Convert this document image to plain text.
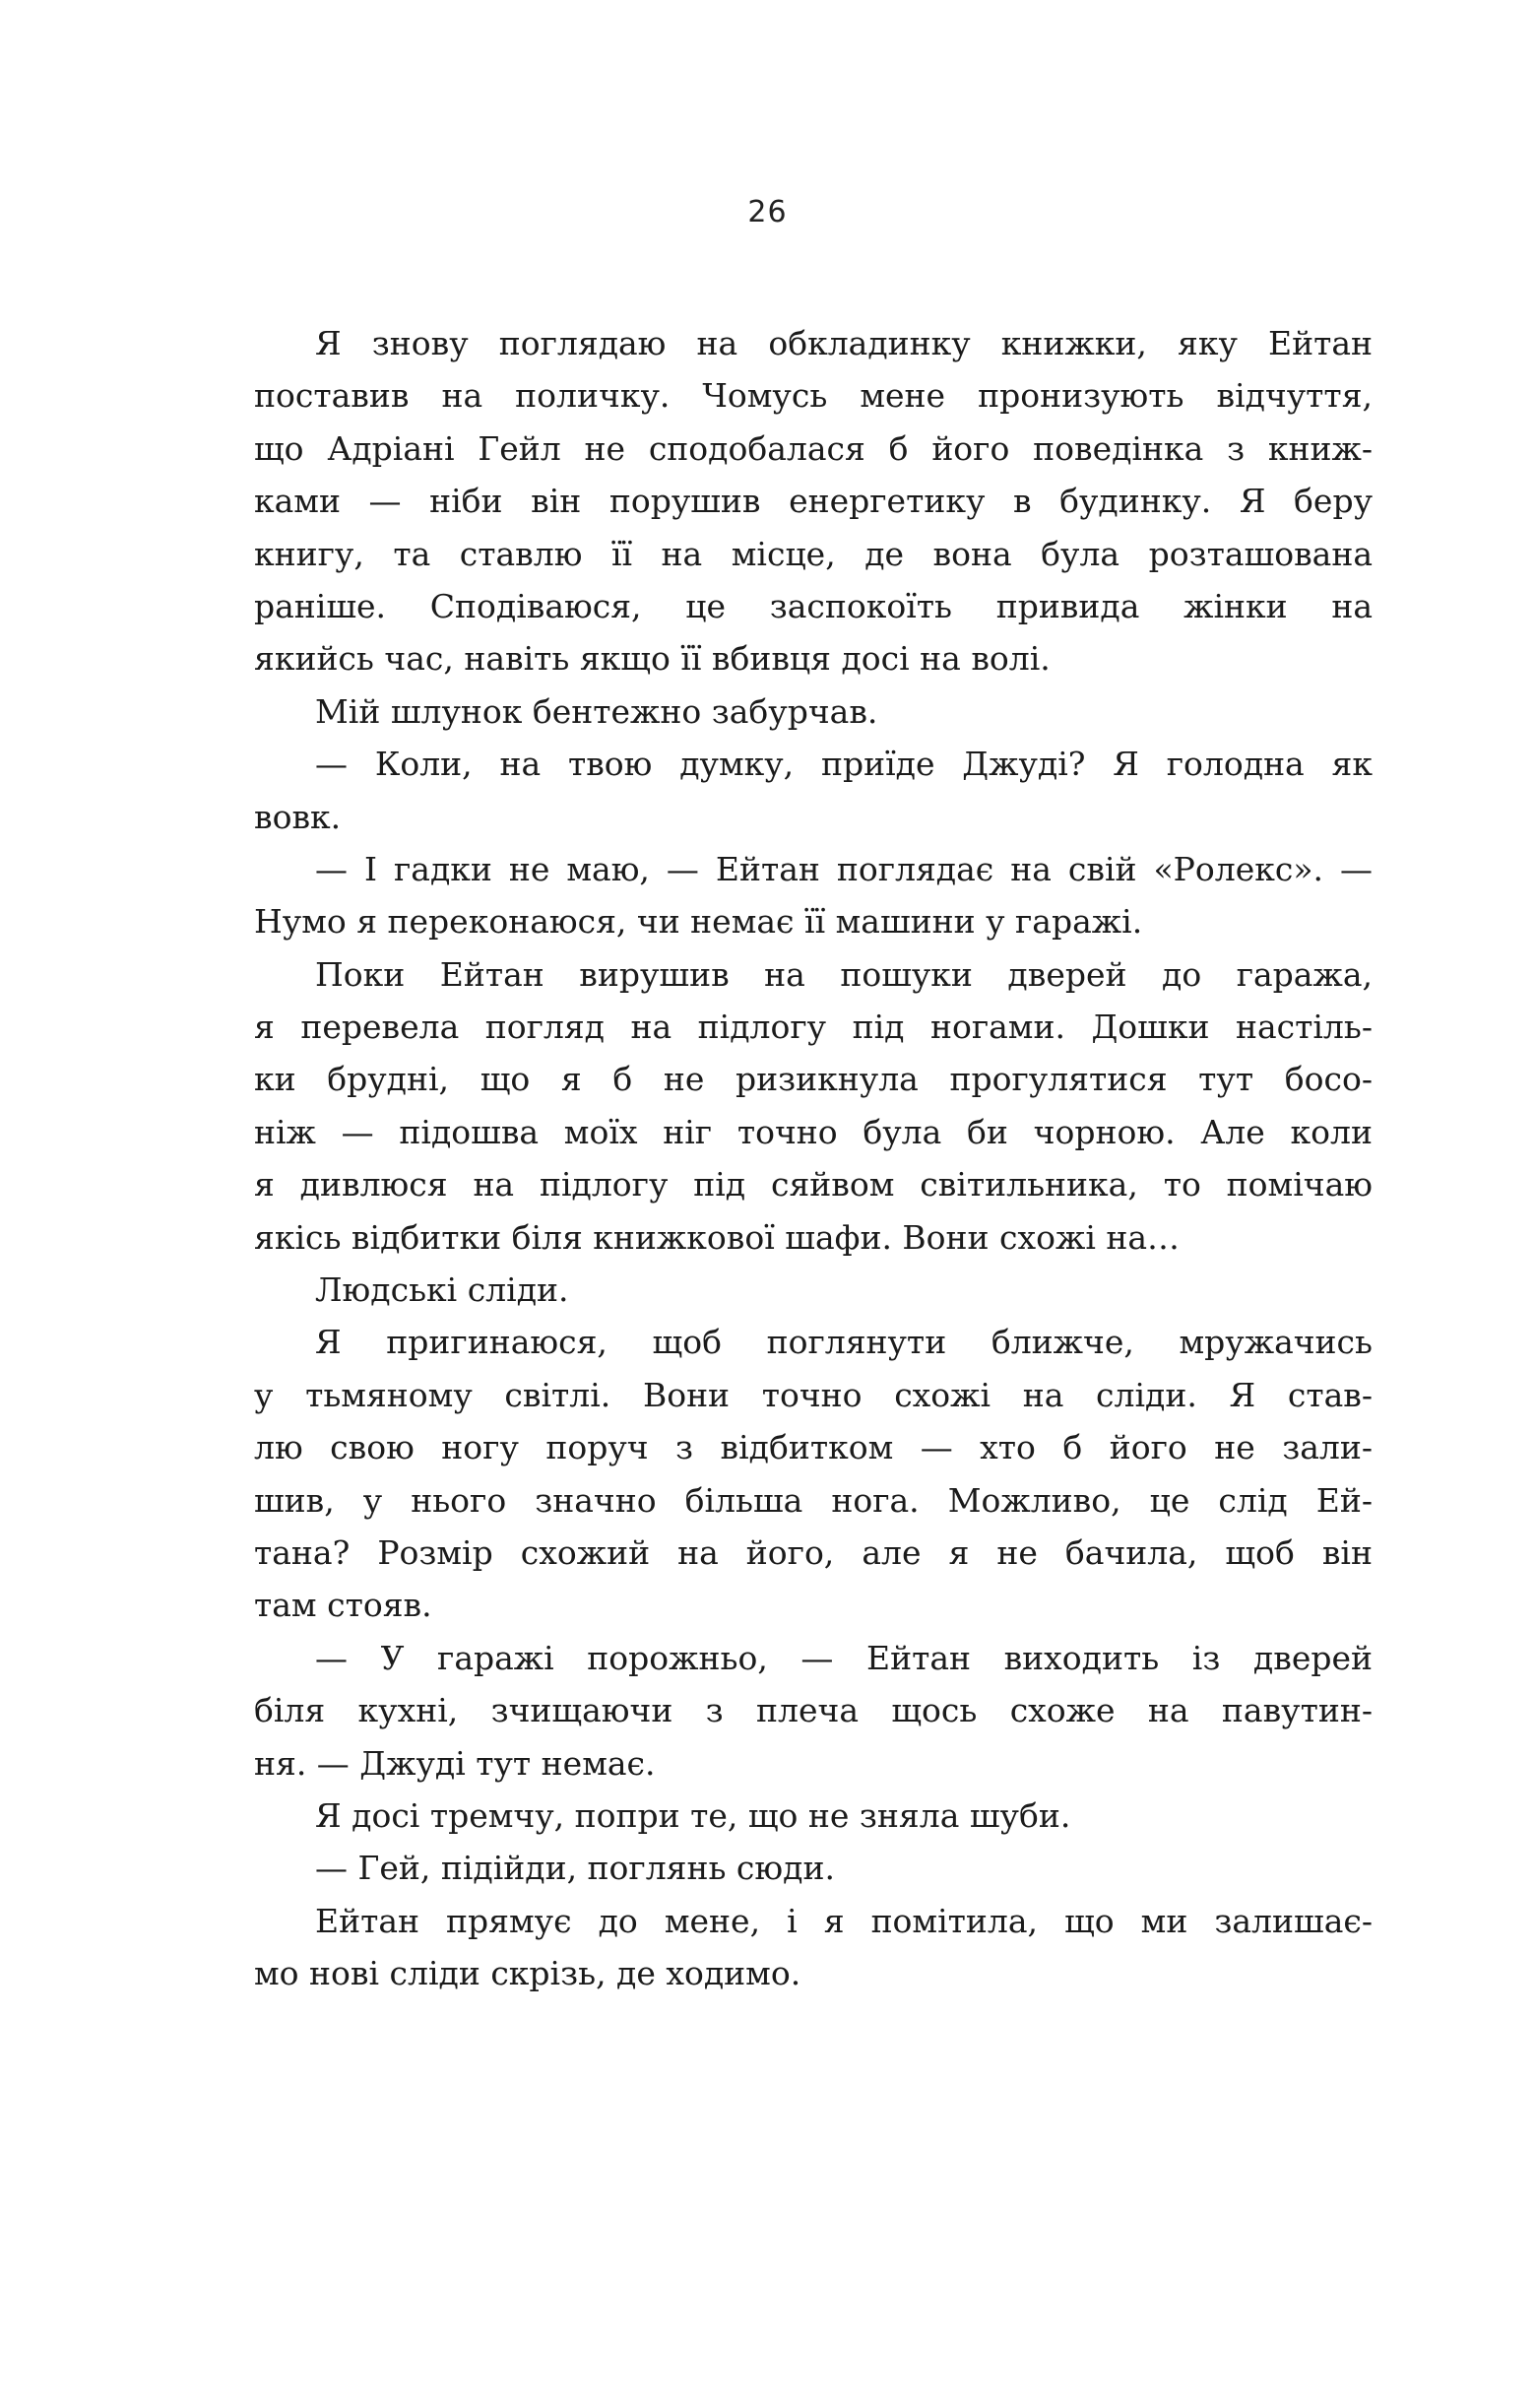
26
Я знову поглядаю на обкладинку книжки, яку Ейтан
поставив на поличку. Чомусь мене пронизують відчуття,
що Адріані Гейл не сподобалася б його поведінка з книж-
ками — ніби він порушив енергетику в будинку. Я беру
книгу, та ставлю її на місце, де вона була розташована
раніше. Сподіваюся, це заспокоїть привида жінки на
якийсь час, навіть якщо її вбивця досі на волі.
Мій шлунок бентежно забурчав.
— Коли, на твою думку, приїде Джуді? Я голодна як
вовк.
— І гадки не маю, — Ейтан поглядає на свій «Ролекс». —
Нумо я переконаюся, чи немає її машини у гаражі.
Поки Ейтан вирушив на пошуки дверей до гаража,
я перевела погляд на підлогу під ногами. Дошки настіль-
ки брудні, що я б не ризикнула прогулятися тут босо-
ніж — підошва моїх ніг точно була би чорною. Але коли
я дивлюся на підлогу під сяйвом світильника, то помічаю
якісь відбитки біля книжкової шафи. Вони схожі на…
Людські сліди.
Я пригинаюся, щоб поглянути ближче, мружачись
у тьмяному світлі. Вони точно схожі на сліди. Я став-
лю свою ногу поруч з відбитком — хто б його не зали-
шив, у нього значно більша нога. Можливо, це слід Ей-
тана? Розмір схожий на його, але я не бачила, щоб він
там стояв.
— У гаражі порожньо, — Ейтан виходить із дверей
біля кухні, зчищаючи з плеча щось схоже на павутин-
ня. — Джуді тут немає.
Я досі тремчу, попри те, що не зняла шуби.
— Гей, підійди, поглянь сюди.
Ейтан прямує до мене, і я помітила, що ми залишає-
мо нові сліди скрізь, де ходимо.
